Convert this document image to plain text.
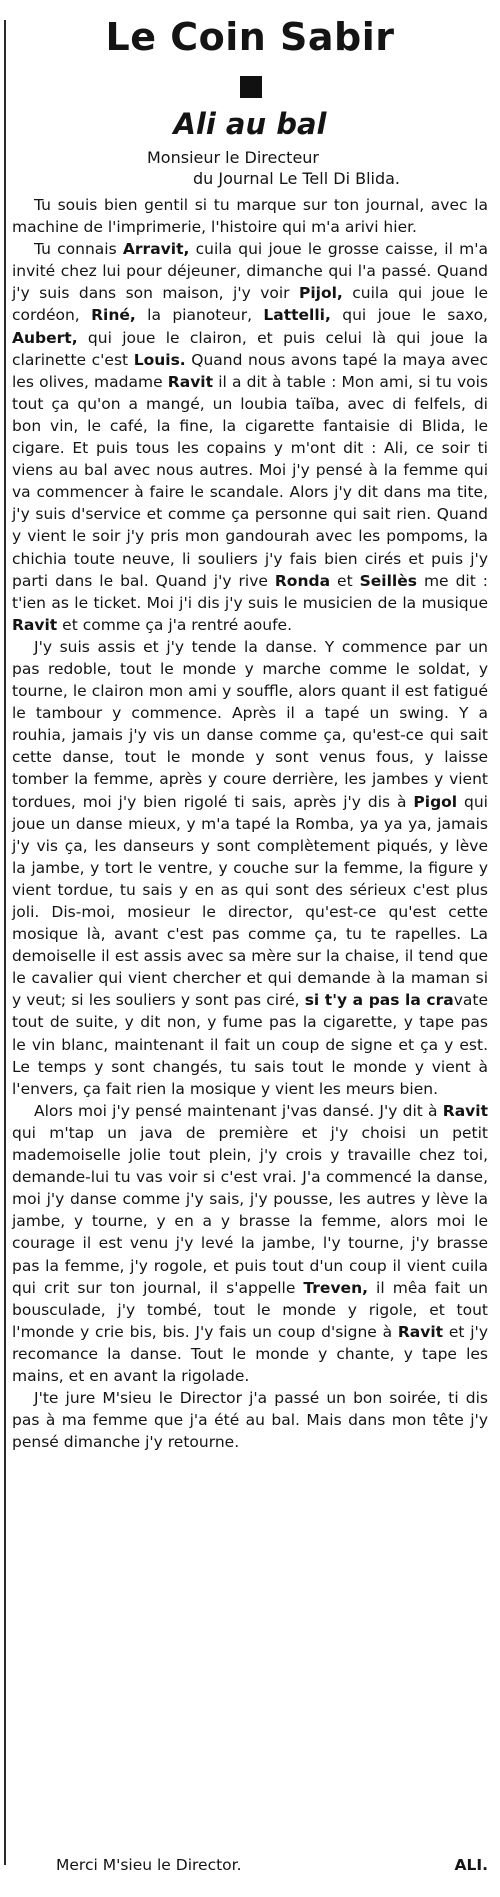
Le Coin Sabir
Ali au bal
Monsieur le Directeur
du Journal Le Tell Di Blida.

Tu souis bien gentil si tu marque sur ton journal, avec la machine de l'imprimerie, l'histoire qui m'a arivi hier.

Tu connais Arravit, cuila qui joue le grosse caisse, il m'a invité chez lui pour déjeuner, dimanche qui l'a passé. Quand j'y suis dans son maison, j'y voir Pijol, cuila qui joue le cordéon, Riné, la pianoteur, Lattelli, qui joue le saxo, Aubert, qui joue le clairon, et puis celui là qui joue la clarinette c'est Louis. Quand nous avons tapé la maya avec les olives, madame Ravit il a dit à table : Mon ami, si tu vois tout ça qu'on a mangé, un loubia taïba, avec di felfels, di bon vin, le café, la fine, la cigarette fantaisie di Blida, le cigare. Et puis tous les copains y m'ont dit : Ali, ce soir ti viens au bal avec nous autres. Moi j'y pensé à la femme qui va commencer à faire le scandale. Alors j'y dit dans ma tite, j'y suis d'service et comme ça personne qui sait rien. Quand y vient le soir j'y pris mon gandourah avec les pompoms, la chichia toute neuve, li souliers j'y fais bien cirés et puis j'y parti dans le bal. Quand j'y rive Ronda et Seillès me dit : t'ien as le ticket. Moi j'i dis j'y suis le musicien de la musique Ravit et comme ça j'a rentré aoufe.

J'y suis assis et j'y tende la danse. Y commence par un pas redoble, tout le monde y marche comme le soldat, y tourne, le clairon mon ami y souffle, alors quant il est fatigué le tambour y commence. Après il a tapé un swing. Y a rouhia, jamais j'y vis un danse comme ça, qu'est-ce qui sait cette danse, tout le monde y sont venus fous, y laisse tomber la femme, après y coure derrière, les jambes y vient tordues, moi j'y bien rigolé ti sais, après j'y dis à Pigol qui joue un danse mieux, y m'a tapé la Romba, ya ya ya, jamais j'y vis ça, les danseurs y sont complètement piqués, y lève la jambe, y tort le ventre, y couche sur la femme, la figure y vient tordue, tu sais y en as qui sont des sérieux c'est plus joli. Dis-moi, mosieur le director, qu'est-ce qu'est cette mosique là, avant c'est pas comme ça, tu te rapelles. La demoiselle il est assis avec sa mère sur la chaise, il tend que le cavalier qui vient chercher et qui demande à la maman si y veut; si les souliers y sont pas ciré, si t'y a pas la cravate tout de suite, y dit non, y fume pas la cigarette, y tape pas le vin blanc, maintenant il fait un coup de signe et ça y est. Le temps y sont changés, tu sais tout le monde y vient à l'envers, ça fait rien la mosique y vient les meurs bien.

Alors moi j'y pensé maintenant j'vas dansé. J'y dit à Ravit qui m'tap un java de première et j'y choisi un petit mademoiselle jolie tout plein, j'y crois y travaille chez toi, demande-lui tu vas voir si c'est vrai. J'a commencé la danse, moi j'y danse comme j'y sais, j'y pousse, les autres y lève la jambe, y tourne, y en a y brasse la femme, alors moi le courage il est venu j'y levé la jambe, l'y tourne, j'y brasse pas la femme, j'y rogole, et puis tout d'un coup il vient cuila qui crit sur ton journal, il s'appelle Treven, il mêa fait un bousculade, j'y tombé, tout le monde y rigole, et tout l'monde y crie bis, bis. J'y fais un coup d'signe à Ravit et j'y recomance la danse. Tout le monde y chante, y tape les mains, et en avant la rigolade.

J'te jure M'sieu le Director j'a passé un bon soirée, ti dis pas à ma femme que j'a été au bal. Mais dans mon tête j'y pensé dimanche j'y retourne.

Merci M'sieu le Director.	ALI.
